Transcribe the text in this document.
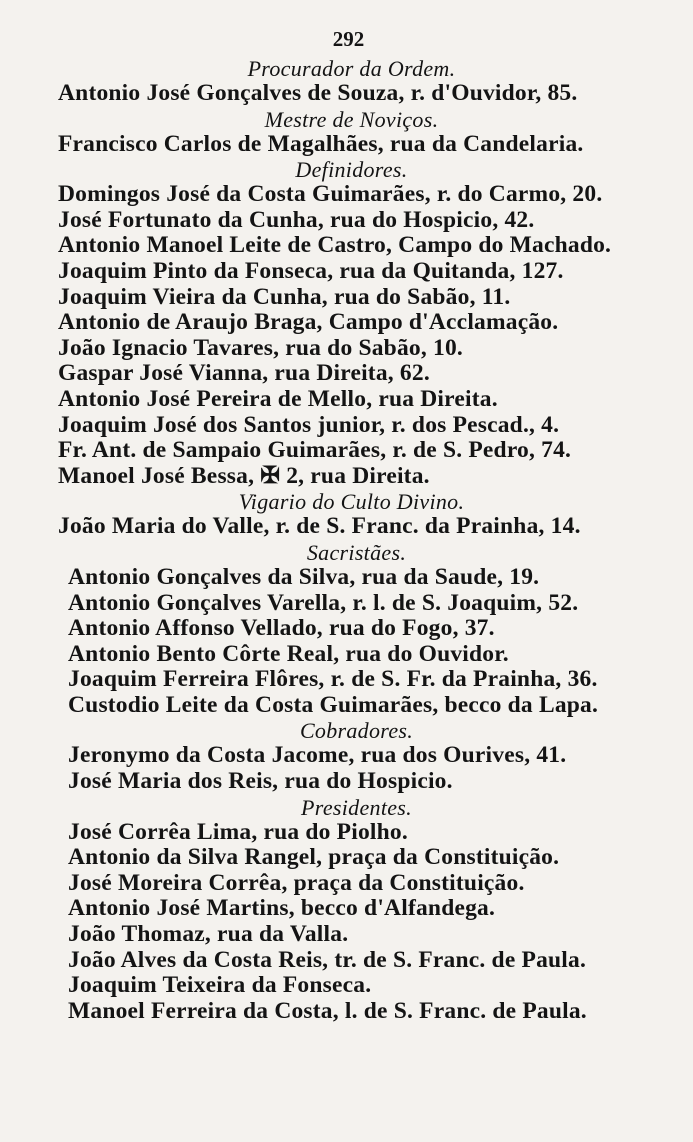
292
Procurador da Ordem.
Antonio José Gonçalves de Souza, r. d'Ouvidor, 85.
Mestre de Noviços.
Francisco Carlos de Magalhães, rua da Candelaria.
Definidores.
Domingos José da Costa Guimarães, r. do Carmo, 20.
José Fortunato da Cunha, rua do Hospicio, 42.
Antonio Manoel Leite de Castro, Campo do Machado.
Joaquim Pinto da Fonseca, rua da Quitanda, 127.
Joaquim Vieira da Cunha, rua do Sabão, 11.
Antonio de Araujo Braga, Campo d'Acclamação.
João Ignacio Tavares, rua do Sabão, 10.
Gaspar José Vianna, rua Direita, 62.
Antonio José Pereira de Mello, rua Direita.
Joaquim José dos Santos junior, r. dos Pescad., 4.
Fr. Ant. de Sampaio Guimarães, r. de S. Pedro, 74.
Manoel José Bessa, ✠ 2, rua Direita.
Vigario do Culto Divino.
João Maria do Valle, r. de S. Franc. da Prainha, 14.
Sacristães.
Antonio Gonçalves da Silva, rua da Saude, 19.
Antonio Gonçalves Varella, r. l. de S. Joaquim, 52.
Antonio Affonso Vellado, rua do Fogo, 37.
Antonio Bento Côrte Real, rua do Ouvidor.
Joaquim Ferreira Flôres, r. de S. Fr. da Prainha, 36.
Custodio Leite da Costa Guimarães, becco da Lapa.
Cobradores.
Jeronymo da Costa Jacome, rua dos Ourives, 41.
José Maria dos Reis, rua do Hospicio.
Presidentes.
José Corrêa Lima, rua do Piolho.
Antonio da Silva Rangel, praça da Constituição.
José Moreira Corrêa, praça da Constituição.
Antonio José Martins, becco d'Alfandega.
João Thomaz, rua da Valla.
João Alves da Costa Reis, tr. de S. Franc. de Paula.
Joaquim Teixeira da Fonseca.
Manoel Ferreira da Costa, l. de S. Franc. de Paula.
